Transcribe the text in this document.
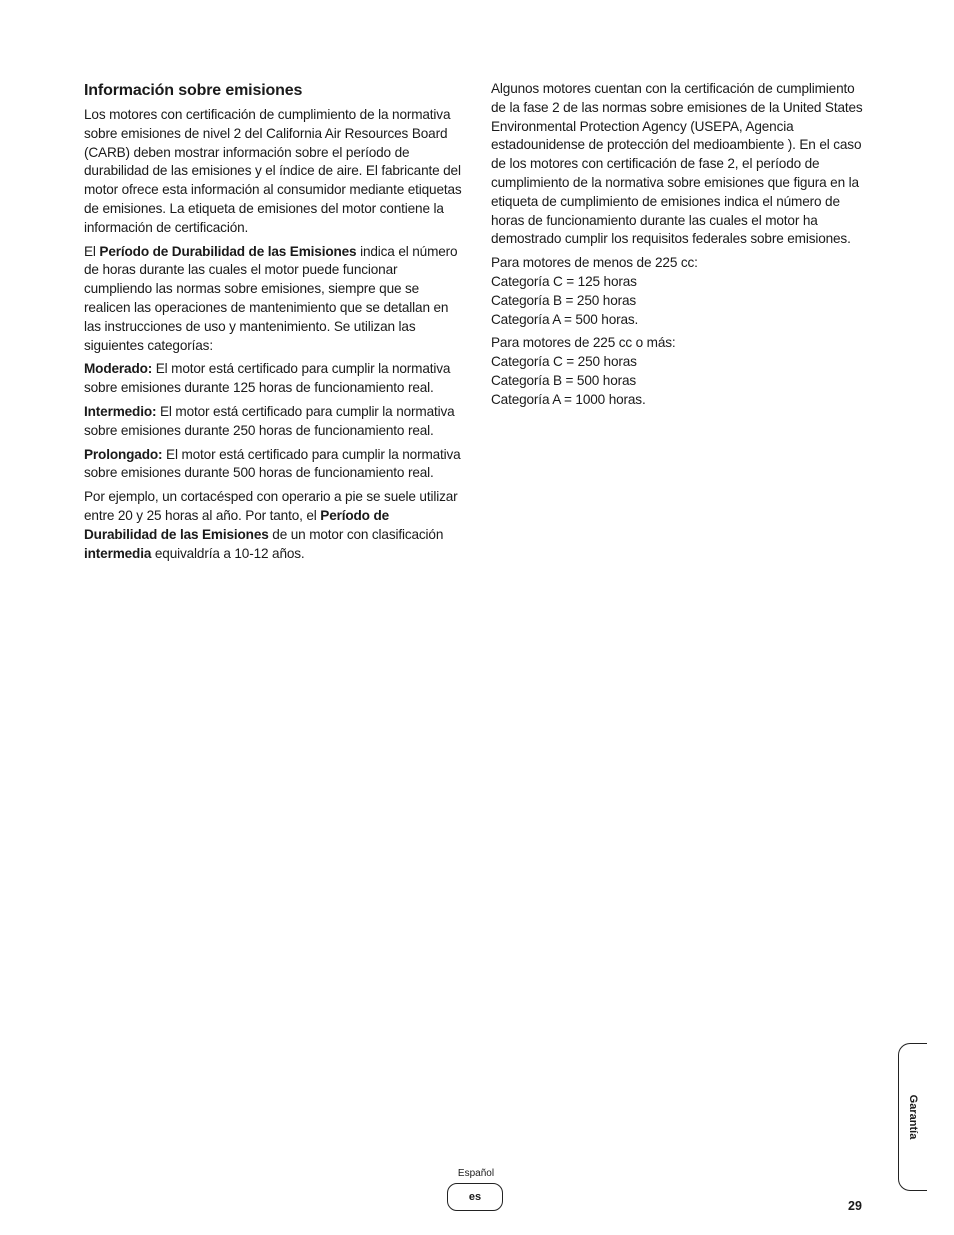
Información sobre emisiones

Los motores con certificación de cumplimiento de la normativa sobre emisiones de nivel 2 del California Air Resources Board (CARB) deben mostrar información sobre el período de durabilidad de las emisiones y el índice de aire. El fabricante del motor ofrece esta información al consumidor mediante etiquetas de emisiones. La etiqueta de emisiones del motor contiene la información de certificación.

El Período de Durabilidad de las Emisiones indica el número de horas durante las cuales el motor puede funcionar cumpliendo las normas sobre emisiones, siempre que se realicen las operaciones de mantenimiento que se detallan en las instrucciones de uso y mantenimiento. Se utilizan las siguientes categorías:

Moderado: El motor está certificado para cumplir la normativa sobre emisiones durante 125 horas de funcionamiento real.

Intermedio: El motor está certificado para cumplir la normativa sobre emisiones durante 250 horas de funcionamiento real.

Prolongado: El motor está certificado para cumplir la normativa sobre emisiones durante 500 horas de funcionamiento real.

Por ejemplo, un cortacésped con operario a pie se suele utilizar entre 20 y 25 horas al año. Por tanto, el Período de Durabilidad de las Emisiones de un motor con clasificación intermedia equivaldría a 10-12 años.

Algunos motores cuentan con la certificación de cumplimiento de la fase 2 de las normas sobre emisiones de la United States Environmental Protection Agency (USEPA, Agencia estadounidense de protección del medioambiente ). En el caso de los motores con certificación de fase 2, el período de cumplimiento de la normativa sobre emisiones que figura en la etiqueta de cumplimiento de emisiones indica el número de horas de funcionamiento durante las cuales el motor ha demostrado cumplir los requisitos federales sobre emisiones.

Para motores de menos de 225 cc:
Categoría C = 125 horas
Categoría B = 250 horas
Categoría A = 500 horas.

Para motores de 225 cc o más:
Categoría C = 250 horas
Categoría B = 500 horas
Categoría A = 1000 horas.

Garantía
Español
es
29
